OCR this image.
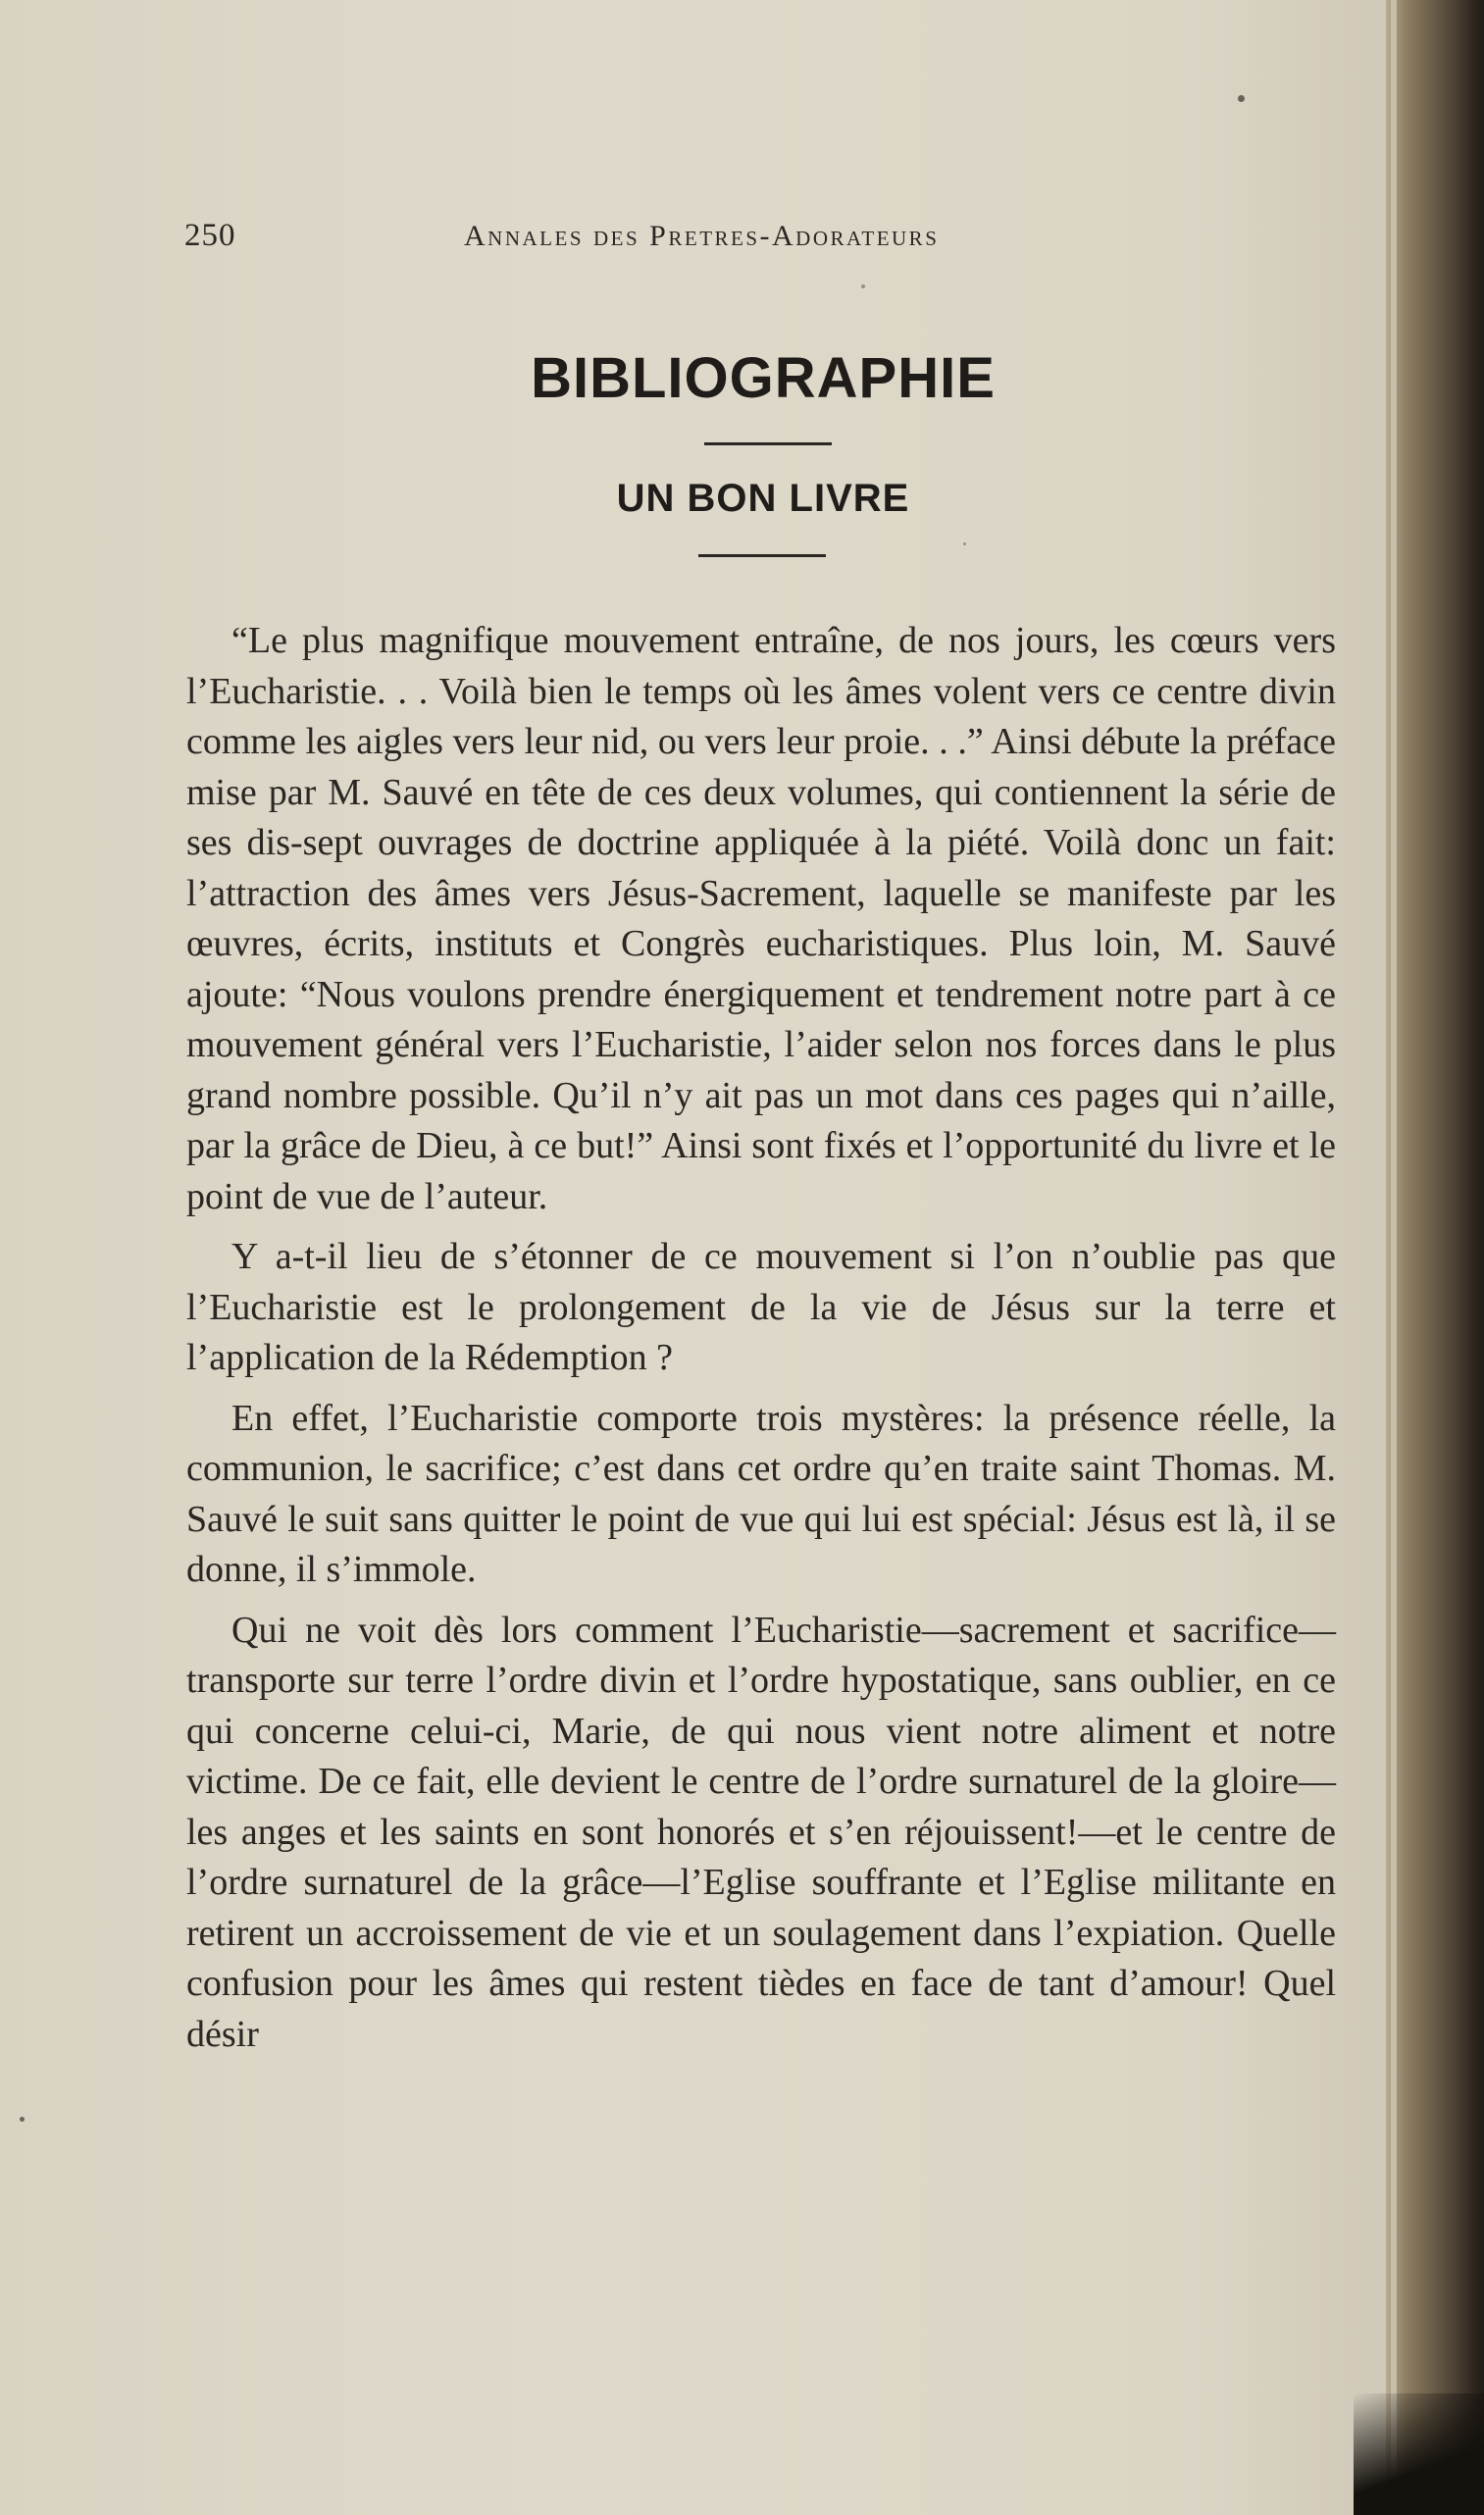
250	Annales des Pretres-Adorateurs
BIBLIOGRAPHIE
UN BON LIVRE

“Le plus magnifique mouvement entraîne, de nos jours, les cœurs vers l’Eucharistie. . . Voilà bien le temps où les âmes volent vers ce centre divin comme les aigles vers leur nid, ou vers leur proie. . .” Ainsi débute la préface mise par M. Sauvé en tête de ces deux volumes, qui contiennent la série de ses dis-sept ouvrages de doctrine appliquée à la piété. Voilà donc un fait: l’attraction des âmes vers Jésus-Sacrement, laquelle se manifeste par les œuvres, écrits, instituts et Congrès eucharistiques. Plus loin, M. Sauvé ajoute: “Nous voulons prendre énergiquement et tendrement notre part à ce mouvement général vers l’Eucharistie, l’aider selon nos forces dans le plus grand nombre possible. Qu’il n’y ait pas un mot dans ces pages qui n’aille, par la grâce de Dieu, à ce but!” Ainsi sont fixés et l’opportunité du livre et le point de vue de l’auteur.

Y a-t-il lieu de s’étonner de ce mouvement si l’on n’oublie pas que l’Eucharistie est le prolongement de la vie de Jésus sur la terre et l’application de la Rédemption ?

En effet, l’Eucharistie comporte trois mystères: la présence réelle, la communion, le sacrifice; c’est dans cet ordre qu’en traite saint Thomas. M. Sauvé le suit sans quitter le point de vue qui lui est spécial: Jésus est là, il se donne, il s’immole.

Qui ne voit dès lors comment l’Eucharistie—sacrement et sacrifice—transporte sur terre l’ordre divin et l’ordre hypostatique, sans oublier, en ce qui concerne celui-ci, Marie, de qui nous vient notre aliment et notre victime. De ce fait, elle devient le centre de l’ordre surnaturel de la gloire—les anges et les saints en sont honorés et s’en réjouissent!—et le centre de l’ordre surnaturel de la grâce—l’Eglise souffrante et l’Eglise militante en retirent un accroissement de vie et un soulagement dans l’expiation. Quelle confusion pour les âmes qui restent tièdes en face de tant d’amour! Quel désir
